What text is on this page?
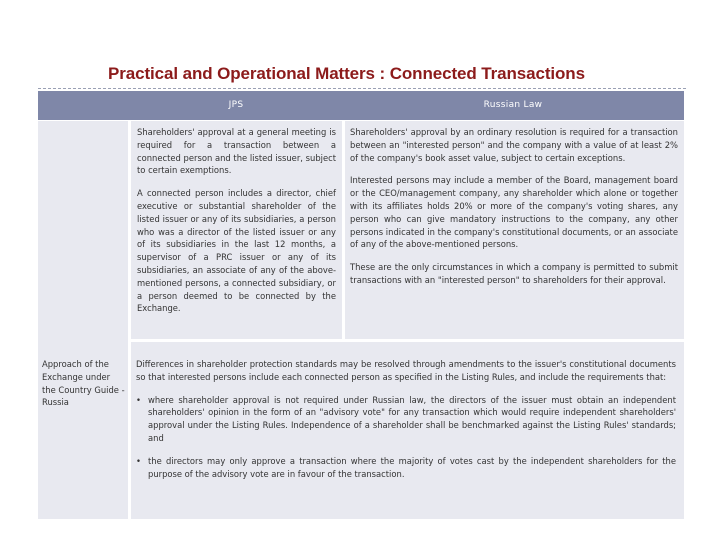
Practical and Operational Matters : Connected Transactions
JPS	Russian Law

Shareholders' approval at a general meeting is required for a transaction between a connected person and the listed issuer, subject to certain exemptions.

A connected person includes a director, chief executive or substantial shareholder of the listed issuer or any of its subsidiaries, a person who was a director of the listed issuer or any of its subsidiaries in the last 12 months, a supervisor of a PRC issuer or any of its subsidiaries, an associate of any of the above-mentioned persons, a connected subsidiary, or a person deemed to be connected by the Exchange.

Shareholders' approval by an ordinary resolution is required for a transaction between an "interested person" and the company with a value of at least 2% of the company's book asset value, subject to certain exceptions.

Interested persons may include a member of the Board, management board or the CEO/management company, any shareholder which alone or together with its affiliates holds 20% or more of the company's voting shares, any person who can give mandatory instructions to the company, any other persons indicated in the company's constitutional documents, or an associate of any of the above-mentioned persons.

These are the only circumstances in which a company is permitted to submit transactions with an "interested person" to shareholders for their approval.

Approach of the Exchange under the Country Guide - Russia

Differences in shareholder protection standards may be resolved through amendments to the issuer's constitutional documents so that interested persons include each connected person as specified in the Listing Rules, and include the requirements that:

• where shareholder approval is not required under Russian law, the directors of the issuer must obtain an independent shareholders' opinion in the form of an "advisory vote" for any transaction which would require independent shareholders' approval under the Listing Rules. Independence of a shareholder shall be benchmarked against the Listing Rules' standards; and
• the directors may only approve a transaction where the majority of votes cast by the independent shareholders for the purpose of the advisory vote are in favour of the transaction.
